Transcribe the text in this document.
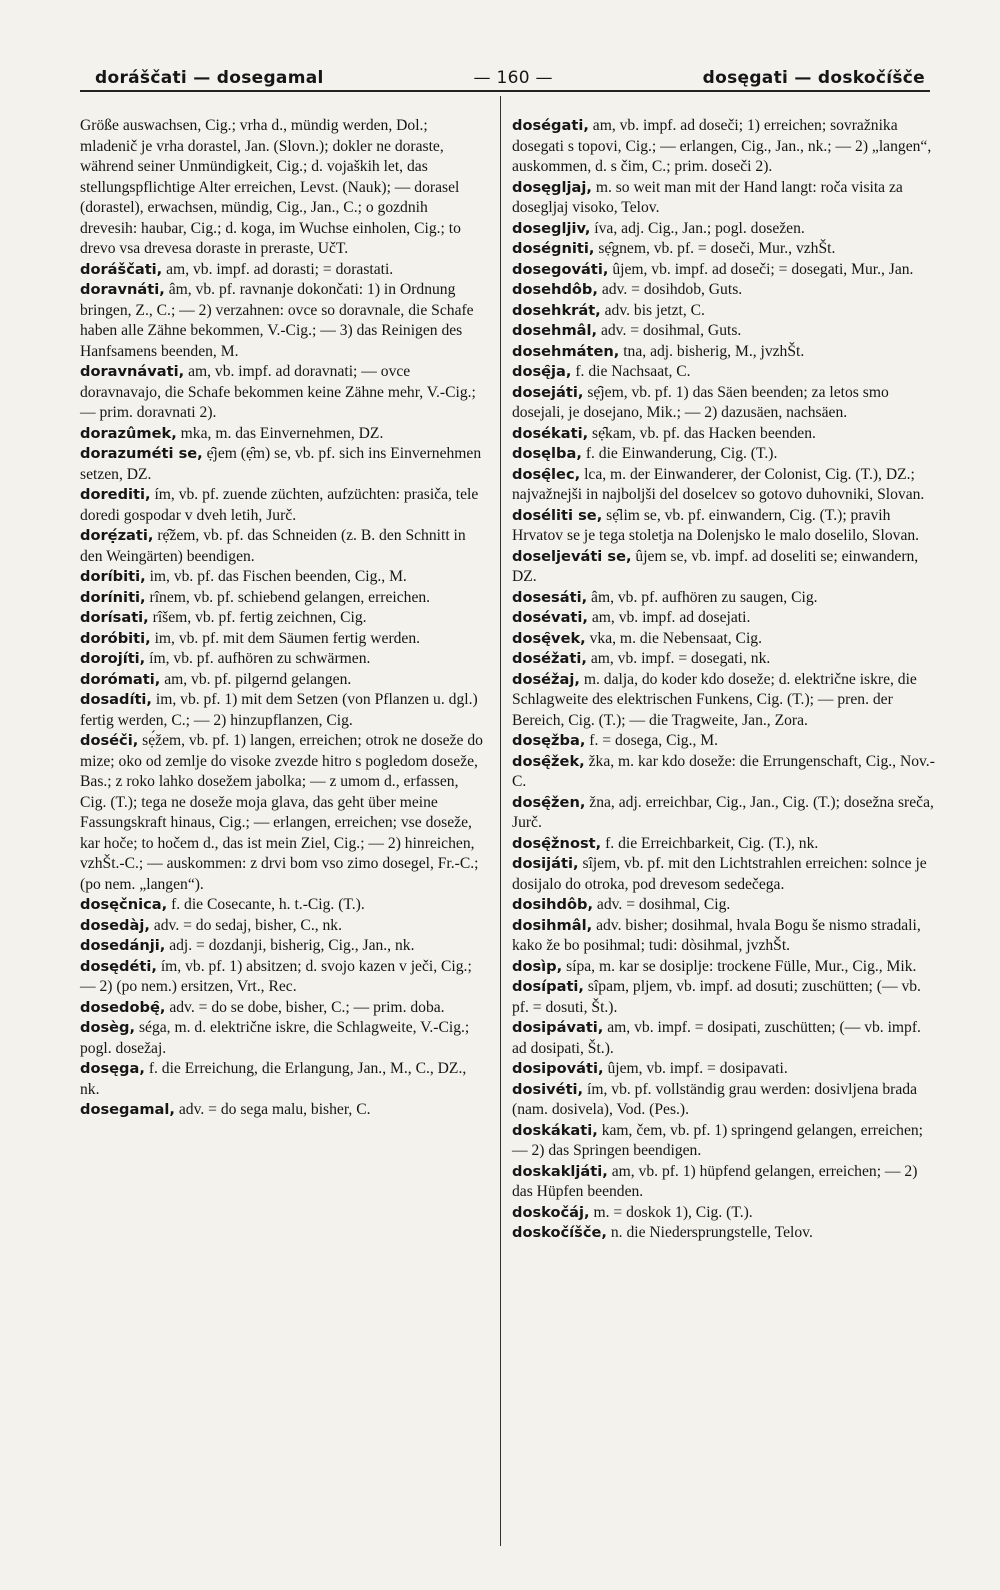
doráščati — dosegamal	— 160 —	dosęgati — doskočíšče

Größe auswachsen, Cig.; vrha d., mündig werden, Dol.; mladenič je vrha dorastel, Jan. (Slovn.); dokler ne doraste, während seiner Unmündigkeit, Cig.; d. vojaških let, das stellungspflichtige Alter erreichen, Levst. (Nauk); — dorasel (dorastel), erwachsen, mündig, Cig., Jan., C.; o gozdnih drevesih: haubar, Cig.; d. koga, im Wuchse einholen, Cig.; to drevo vsa drevesa doraste in preraste, UčT.

doráščati, am, vb. impf. ad dorasti; = dorastati.

doravnáti, âm, vb. pf. ravnanje dokončati: 1) in Ordnung bringen, Z., C.; — 2) verzahnen: ovce so doravnale, die Schafe haben alle Zähne bekommen, V.-Cig.; — 3) das Reinigen des Hanfsamens beenden, M.

doravnávati, am, vb. impf. ad doravnati; — ovce doravnavajo, die Schafe bekommen keine Zähne mehr, V.-Cig.; — prim. doravnati 2).

dorazûmek, mka, m. das Einvernehmen, DZ.

dorazuméti se, ẹ̑jem (ẹ̑m) se, vb. pf. sich ins Einvernehmen setzen, DZ.

dorediti, ím, vb. pf. zuende züchten, aufzüchten: prasiča, tele doredi gospodar v dveh letih, Jurč.

dorẹ́zati, rẹ̑žem, vb. pf. das Schneiden (z. B. den Schnitt in den Weingärten) beendigen.

doríbiti, im, vb. pf. das Fischen beenden, Cig., M.

doríniti, rînem, vb. pf. schiebend gelangen, erreichen.

dorísati, rîšem, vb. pf. fertig zeichnen, Cig.

doróbiti, im, vb. pf. mit dem Säumen fertig werden.

dorojíti, ím, vb. pf. aufhören zu schwärmen.

dorómati, am, vb. pf. pilgernd gelangen.

dosadíti, im, vb. pf. 1) mit dem Setzen (von Pflanzen u. dgl.) fertig werden, C.; — 2) hinzupflanzen, Cig.

doséči, sẹ́žem, vb. pf. 1) langen, erreichen; otrok ne doseže do mize; oko od zemlje do visoke zvezde hitro s pogledom doseže, Bas.; z roko lahko dosežem jabolka; — z umom d., erfassen, Cig. (T.); tega ne doseže moja glava, das geht über meine Fassungskraft hinaus, Cig.; — erlangen, erreichen; vse doseže, kar hoče; to hočem d., das ist mein Ziel, Cig.; — 2) hinreichen, vzhŠt.-C.; — auskommen: z drvi bom vso zimo dosegel, Fr.-C.; (po nem. „langen“).

dosęčnica, f. die Cosecante, h. t.-Cig. (T.).

dosedàj, adv. = do sedaj, bisher, C., nk.

dosedánji, adj. = dozdanji, bisherig, Cig., Jan., nk.

dosędéti, ím, vb. pf. 1) absitzen; d. svojo kazen v ječi, Cig.; — 2) (po nem.) ersitzen, Vrt., Rec.

dosedobę̑, adv. = do se dobe, bisher, C.; — prim. doba.

dosèg, séga, m. d. električne iskre, die Schlagweite, V.-Cig.; pogl. dosežaj.

dosęga, f. die Erreichung, die Erlangung, Jan., M., C., DZ., nk.

dosegamal, adv. = do sega malu, bisher, C.

doségati, am, vb. impf. ad doseči; 1) erreichen; sovražnika dosegati s topovi, Cig.; — erlangen, Cig., Jan., nk.; — 2) „langen“, auskommen, d. s čim, C.; prim. doseči 2).

dosęgljaj, m. so weit man mit der Hand langt: roča visita za dosegljaj visoko, Telov.

dosegljiv, íva, adj. Cig., Jan.; pogl. dosežen.

doségniti, sẹ̑gnem, vb. pf. = doseči, Mur., vzhŠt.

dosegováti, ûjem, vb. impf. ad doseči; = dosegati, Mur., Jan.

dosehdôb, adv. = dosihdob, Guts.

dosehkrát, adv. bis jetzt, C.

dosehmâl, adv. = dosihmal, Guts.

dosehmáten, tna, adj. bisherig, M., jvzhŠt.

dosę̑ja, f. die Nachsaat, C.

dosejáti, sẹ̑jem, vb. pf. 1) das Säen beenden; za letos smo dosejali, je dosejano, Mik.; — 2) dazusäen, nachsäen.

dosékati, sẹ̑kam, vb. pf. das Hacken beenden.

dosęlba, f. die Einwanderung, Cig. (T.).

dosę̑lec, lca, m. der Einwanderer, der Colonist, Cig. (T.), DZ.; najvažnejši in najboljši del doselcev so gotovo duhovniki, Slovan.

doséliti se, sẹ̑lim se, vb. pf. einwandern, Cig. (T.); pravih Hrvatov se je tega stoletja na Dolenjsko le malo doselilo, Slovan.

doseljeváti se, ûjem se, vb. impf. ad doseliti se; einwandern, DZ.

dosesáti, âm, vb. pf. aufhören zu saugen, Cig.

dosévati, am, vb. impf. ad dosejati.

dosę̑vek, vka, m. die Nebensaat, Cig.

doséžati, am, vb. impf. = dosegati, nk.

doséžaj, m. dalja, do koder kdo doseže; d. električne iskre, die Schlagweite des elektrischen Funkens, Cig. (T.); — pren. der Bereich, Cig. (T.); — die Tragweite, Jan., Zora.

dosęžba, f. = dosega, Cig., M.

dosę̑žek, žka, m. kar kdo doseže: die Errungenschaft, Cig., Nov.-C.

dosę̑žen, žna, adj. erreichbar, Cig., Jan., Cig. (T.); dosežna sreča, Jurč.

dosę̑žnost, f. die Erreichbarkeit, Cig. (T.), nk.

dosijáti, sîjem, vb. pf. mit den Lichtstrahlen erreichen: solnce je dosijalo do otroka, pod drevesom sedečega.

dosihdôb, adv. = dosihmal, Cig.

dosihmâl, adv. bisher; dosihmal, hvala Bogu še nismo stradali, kako že bo posihmal; tudi: dòsihmal, jvzhŠt.

dosìp, sípa, m. kar se dosiplje: trockene Fülle, Mur., Cig., Mik.

dosípati, sîpam, pljem, vb. impf. ad dosuti; zuschütten; (— vb. pf. = dosuti, Št.).

dosipávati, am, vb. impf. = dosipati, zuschütten; (— vb. impf. ad dosipati, Št.).

dosipováti, ûjem, vb. impf. = dosipavati.

dosivéti, ím, vb. pf. vollständig grau werden: dosivljena brada (nam. dosivela), Vod. (Pes.).

doskákati, kam, čem, vb. pf. 1) springend gelangen, erreichen; — 2) das Springen beendigen.

doskakljáti, am, vb. pf. 1) hüpfend gelangen, erreichen; — 2) das Hüpfen beenden.

doskočáj, m. = doskok 1), Cig. (T.).

doskočíšče, n. die Niedersprungstelle, Telov.
